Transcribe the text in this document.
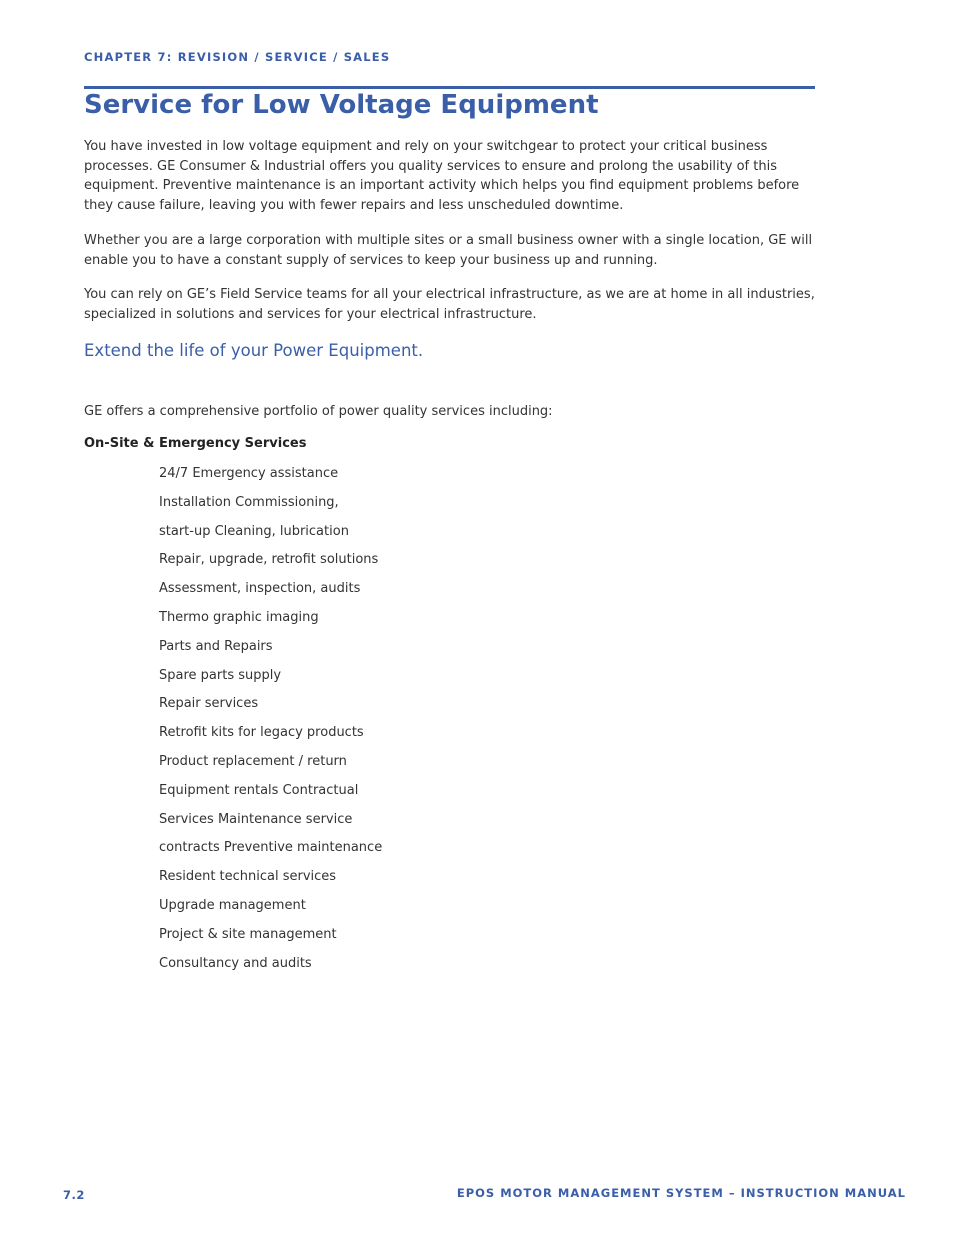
CHAPTER 7: REVISION / SERVICE / SALES
Service for Low Voltage Equipment

You have invested in low voltage equipment and rely on your switchgear to protect your critical business processes. GE Consumer & Industrial offers you quality services to ensure and prolong the usability of this equipment. Preventive maintenance is an important activity which helps you find equipment problems before they cause failure, leaving you with fewer repairs and less unscheduled downtime.

Whether you are a large corporation with multiple sites or a small business owner with a single location, GE will enable you to have a constant supply of services to keep your business up and running.

You can rely on GE’s Field Service teams for all your electrical infrastructure, as we are at home in all industries, specialized in solutions and services for your electrical infrastructure.

Extend the life of your Power Equipment.

GE offers a comprehensive portfolio of power quality services including:

On-Site & Emergency Services

24/7 Emergency assistance
Installation Commissioning,
start-up Cleaning, lubrication
Repair, upgrade, retrofit solutions
Assessment, inspection, audits
Thermo graphic imaging
Parts and Repairs
Spare parts supply
Repair services
Retrofit kits for legacy products
Product replacement / return
Equipment rentals Contractual
Services Maintenance service
contracts Preventive maintenance
Resident technical services
Upgrade management
Project & site management
Consultancy and audits
7.2	EPOS MOTOR MANAGEMENT SYSTEM – INSTRUCTION MANUAL
